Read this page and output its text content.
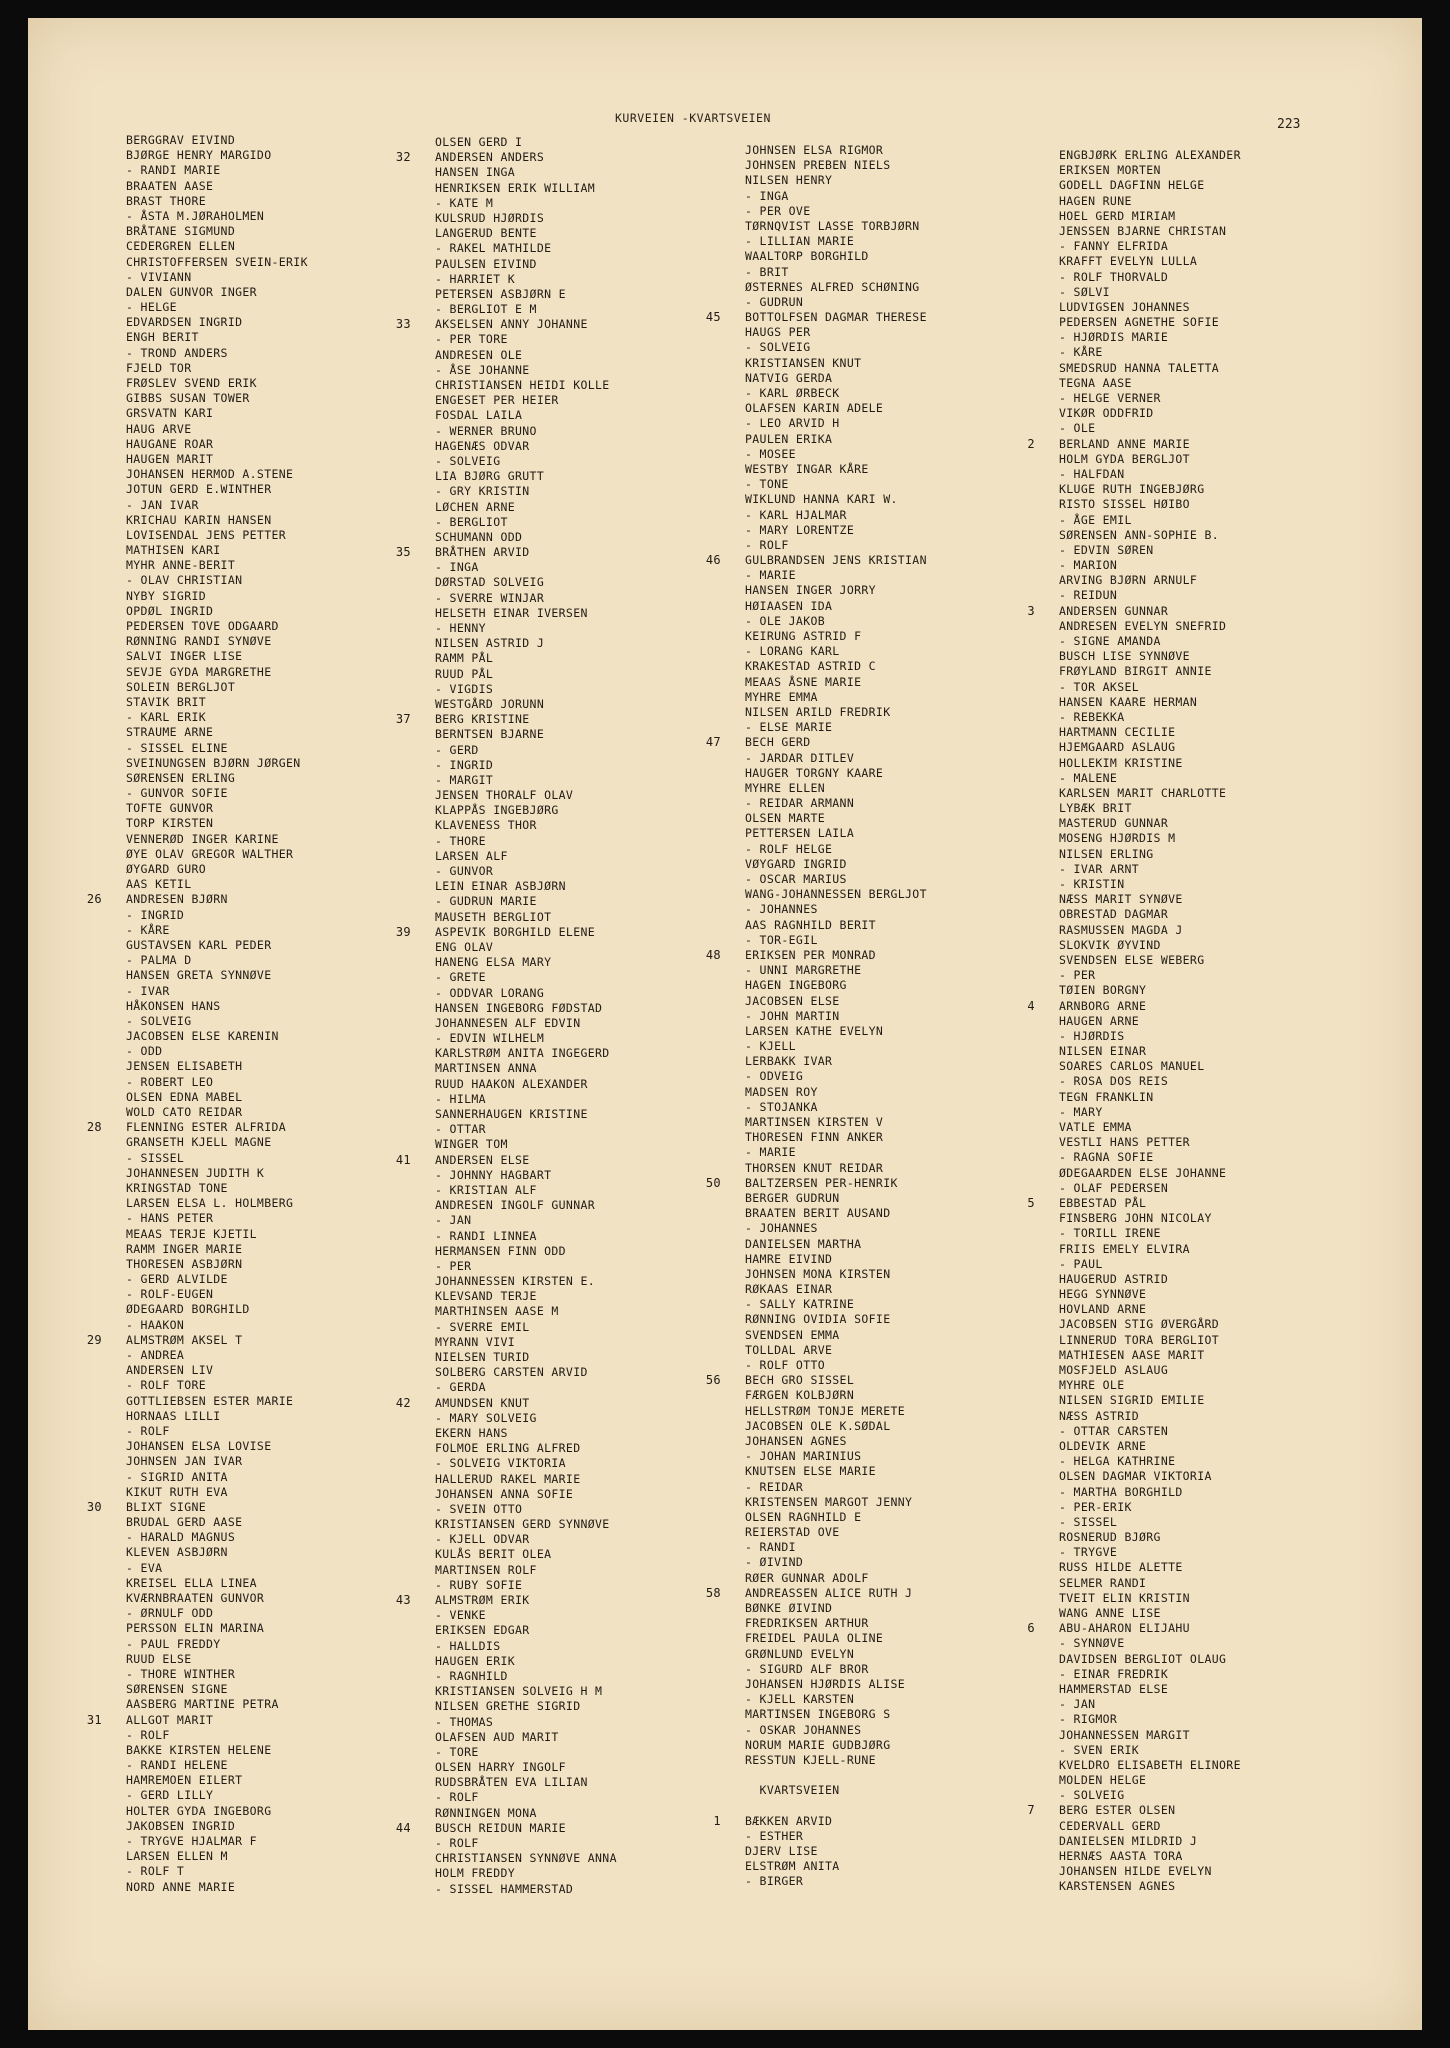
KURVEIEN -KVARTSVEIEN	223
BERGGRAV EIVIND
BJØRGE HENRY MARGIDO
- RANDI MARIE
BRAATEN AASE
BRAST THORE
- ÅSTA M.JØRAHOLMEN
BRÅTANE SIGMUND
CEDERGREN ELLEN
CHRISTOFFERSEN SVEIN-ERIK
- VIVIANN
DALEN GUNVOR INGER
- HELGE
EDVARDSEN INGRID
ENGH BERIT
- TROND ANDERS
FJELD TOR
FRØSLEV SVEND ERIK
GIBBS SUSAN TOWER
GRSVATN KARI
HAUG ARVE
HAUGANE ROAR
HAUGEN MARIT
JOHANSEN HERMOD A.STENE
JOTUN GERD E.WINTHER
- JAN IVAR
KRICHAU KARIN HANSEN
LOVISENDAL JENS PETTER
MATHISEN KARI
MYHR ANNE-BERIT
- OLAV CHRISTIAN
NYBY SIGRID
OPDØL INGRID
PEDERSEN TOVE ODGAARD
RØNNING RANDI SYNØVE
SALVI INGER LISE
SEVJE GYDA MARGRETHE
SOLEIN BERGLJOT
STAVIK BRIT
- KARL ERIK
STRAUME ARNE
- SISSEL ELINE
SVEINUNGSEN BJØRN JØRGEN
SØRENSEN ERLING
- GUNVOR SOFIE
TOFTE GUNVOR
TORP KIRSTEN
VENNERØD INGER KARINE
ØYE OLAV GREGOR WALTHER
ØYGARD GURO
AAS KETIL
26 ANDRESEN BJØRN
- INGRID
- KÅRE
GUSTAVSEN KARL PEDER
- PALMA D
HANSEN GRETA SYNNØVE
- IVAR
HÅKONSEN HANS
- SOLVEIG
JACOBSEN ELSE KARENIN
- ODD
JENSEN ELISABETH
- ROBERT LEO
OLSEN EDNA MABEL
WOLD CATO REIDAR
28 FLENNING ESTER ALFRIDA
GRANSETH KJELL MAGNE
- SISSEL
JOHANNESEN JUDITH K
KRINGSTAD TONE
LARSEN ELSA L. HOLMBERG
- HANS PETER
MEAAS TERJE KJETIL
RAMM INGER MARIE
THORESEN ASBJØRN
- GERD ALVILDE
- ROLF-EUGEN
ØDEGAARD BORGHILD
- HAAKON
29 ALMSTRØM AKSEL T
- ANDREA
ANDERSEN LIV
- ROLF TORE
GOTTLIEBSEN ESTER MARIE
HORNAAS LILLI
- ROLF
JOHANSEN ELSA LOVISE
JOHNSEN JAN IVAR
- SIGRID ANITA
KIKUT RUTH EVA
30 BLIXT SIGNE
BRUDAL GERD AASE
- HARALD MAGNUS
KLEVEN ASBJØRN
- EVA
KREISEL ELLA LINEA
KVÆRNBRAATEN GUNVOR
- ØRNULF ODD
PERSSON ELIN MARINA
- PAUL FREDDY
RUUD ELSE
- THORE WINTHER
SØRENSEN SIGNE
AASBERG MARTINE PETRA
31 ALLGOT MARIT
- ROLF
BAKKE KIRSTEN HELENE
- RANDI HELENE
HAMREMOEN EILERT
- GERD LILLY
HOLTER GYDA INGEBORG
JAKOBSEN INGRID
- TRYGVE HJALMAR F
LARSEN ELLEN M
- ROLF T
NORD ANNE MARIE
OLSEN GERD I
32 ANDERSEN ANDERS
HANSEN INGA
HENRIKSEN ERIK WILLIAM
- KATE M
KULSRUD HJØRDIS
LANGERUD BENTE
- RAKEL MATHILDE
PAULSEN EIVIND
- HARRIET K
PETERSEN ASBJØRN E
- BERGLIOT E M
33 AKSELSEN ANNY JOHANNE
- PER TORE
ANDRESEN OLE
- ÅSE JOHANNE
CHRISTIANSEN HEIDI KOLLE
ENGESET PER HEIER
FOSDAL LAILA
- WERNER BRUNO
HAGENÆS ODVAR
- SOLVEIG
LIA BJØRG GRUTT
- GRY KRISTIN
LØCHEN ARNE
- BERGLIOT
SCHUMANN ODD
35 BRÅTHEN ARVID
- INGA
DØRSTAD SOLVEIG
- SVERRE WINJAR
HELSETH EINAR IVERSEN
- HENNY
NILSEN ASTRID J
RAMM PÅL
RUUD PÅL
- VIGDIS
WESTGÅRD JORUNN
37 BERG KRISTINE
BERNTSEN BJARNE
- GERD
- INGRID
- MARGIT
JENSEN THORALF OLAV
KLAPPÅS INGEBJØRG
KLAVENESS THOR
- THORE
LARSEN ALF
- GUNVOR
LEIN EINAR ASBJØRN
- GUDRUN MARIE
MAUSETH BERGLIOT
39 ASPEVIK BORGHILD ELENE
ENG OLAV
HANENG ELSA MARY
- GRETE
- ODDVAR LORANG
HANSEN INGEBORG FØDSTAD
JOHANNESEN ALF EDVIN
- EDVIN WILHELM
KARLSTRØM ANITA INGEGERD
MARTINSEN ANNA
RUUD HAAKON ALEXANDER
- HILMA
SANNERHAUGEN KRISTINE
- OTTAR
WINGER TOM
41 ANDERSEN ELSE
- JOHNNY HAGBART
- KRISTIAN ALF
ANDRESEN INGOLF GUNNAR
- JAN
- RANDI LINNEA
HERMANSEN FINN ODD
- PER
JOHANNESSEN KIRSTEN E.
KLEVSAND TERJE
MARTHINSEN AASE M
- SVERRE EMIL
MYRANN VIVI
NIELSEN TURID
SOLBERG CARSTEN ARVID
- GERDA
42 AMUNDSEN KNUT
- MARY SOLVEIG
EKERN HANS
FOLMOE ERLING ALFRED
- SOLVEIG VIKTORIA
HALLERUD RAKEL MARIE
JOHANSEN ANNA SOFIE
- SVEIN OTTO
KRISTIANSEN GERD SYNNØVE
- KJELL ODVAR
KULÅS BERIT OLEA
MARTINSEN ROLF
- RUBY SOFIE
43 ALMSTRØM ERIK
- VENKE
ERIKSEN EDGAR
- HALLDIS
HAUGEN ERIK
- RAGNHILD
KRISTIANSEN SOLVEIG H M
NILSEN GRETHE SIGRID
- THOMAS
OLAFSEN AUD MARIT
- TORE
OLSEN HARRY INGOLF
RUDSBRÅTEN EVA LILIAN
- ROLF
RØNNINGEN MONA
44 BUSCH REIDUN MARIE
- ROLF
CHRISTIANSEN SYNNØVE ANNA
HOLM FREDDY
- SISSEL HAMMERSTAD
JOHNSEN ELSA RIGMOR
JOHNSEN PREBEN NIELS
NILSEN HENRY
- INGA
- PER OVE
TØRNQVIST LASSE TORBJØRN
- LILLIAN MARIE
WAALTORP BORGHILD
- BRIT
ØSTERNES ALFRED SCHØNING
- GUDRUN
45 BOTTOLFSEN DAGMAR THERESE
HAUGS PER
- SOLVEIG
KRISTIANSEN KNUT
NATVIG GERDA
- KARL ØRBECK
OLAFSEN KARIN ADELE
- LEO ARVID H
PAULEN ERIKA
- MOSEE
WESTBY INGAR KÅRE
- TONE
WIKLUND HANNA KARI W.
- KARL HJALMAR
- MARY LORENTZE
- ROLF
46 GULBRANDSEN JENS KRISTIAN
- MARIE
HANSEN INGER JORRY
HØIAASEN IDA
- OLE JAKOB
KEIRUNG ASTRID F
- LORANG KARL
KRAKESTAD ASTRID C
MEAAS ÅSNE MARIE
MYHRE EMMA
NILSEN ARILD FREDRIK
- ELSE MARIE
47 BECH GERD
- JARDAR DITLEV
HAUGER TORGNY KAARE
MYHRE ELLEN
- REIDAR ARMANN
OLSEN MARTE
PETTERSEN LAILA
- ROLF HELGE
VØYGARD INGRID
- OSCAR MARIUS
WANG-JOHANNESSEN BERGLJOT
- JOHANNES
AAS RAGNHILD BERIT
- TOR-EGIL
48 ERIKSEN PER MONRAD
- UNNI MARGRETHE
HAGEN INGEBORG
JACOBSEN ELSE
- JOHN MARTIN
LARSEN KATHE EVELYN
- KJELL
LERBAKK IVAR
- ODVEIG
MADSEN ROY
- STOJANKA
MARTINSEN KIRSTEN V
THORESEN FINN ANKER
- MARIE
THORSEN KNUT REIDAR
50 BALTZERSEN PER-HENRIK
BERGER GUDRUN
BRAATEN BERIT AUSAND
- JOHANNES
DANIELSEN MARTHA
HAMRE EIVIND
JOHNSEN MONA KIRSTEN
RØKAAS EINAR
- SALLY KATRINE
RØNNING OVIDIA SOFIE
SVENDSEN EMMA
TOLLDAL ARVE
- ROLF OTTO
56 BECH GRO SISSEL
FÆRGEN KOLBJØRN
HELLSTRØM TONJE MERETE
JACOBSEN OLE K.SØDAL
JOHANSEN AGNES
- JOHAN MARINIUS
KNUTSEN ELSE MARIE
- REIDAR
KRISTENSEN MARGOT JENNY
OLSEN RAGNHILD E
REIERSTAD OVE
- RANDI
- ØIVIND
RØER GUNNAR ADOLF
58 ANDREASSEN ALICE RUTH J
BØNKE ØIVIND
FREDRIKSEN ARTHUR
FREIDEL PAULA OLINE
GRØNLUND EVELYN
- SIGURD ALF BROR
JOHANSEN HJØRDIS ALISE
- KJELL KARSTEN
MARTINSEN INGEBORG S
- OSKAR JOHANNES
NORUM MARIE GUDBJØRG
RESSTUN KJELL-RUNE
KVARTSVEIEN
1 BÆKKEN ARVID
- ESTHER
DJERV LISE
ELSTRØM ANITA
- BIRGER
ENGBJØRK ERLING ALEXANDER
ERIKSEN MORTEN
GODELL DAGFINN HELGE
HAGEN RUNE
HOEL GERD MIRIAM
JENSSEN BJARNE CHRISTAN
- FANNY ELFRIDA
KRAFFT EVELYN LULLA
- ROLF THORVALD
- SØLVI
LUDVIGSEN JOHANNES
PEDERSEN AGNETHE SOFIE
- HJØRDIS MARIE
- KÅRE
SMEDSRUD HANNA TALETTA
TEGNA AASE
- HELGE VERNER
VIKØR ODDFRID
- OLE
2 BERLAND ANNE MARIE
HOLM GYDA BERGLJOT
- HALFDAN
KLUGE RUTH INGEBJØRG
RISTO SISSEL HØIBO
- ÅGE EMIL
SØRENSEN ANN-SOPHIE B.
- EDVIN SØREN
- MARION
ARVING BJØRN ARNULF
- REIDUN
3 ANDERSEN GUNNAR
ANDRESEN EVELYN SNEFRID
- SIGNE AMANDA
BUSCH LISE SYNNØVE
FRØYLAND BIRGIT ANNIE
- TOR AKSEL
HANSEN KAARE HERMAN
- REBEKKA
HARTMANN CECILIE
HJEMGAARD ASLAUG
HOLLEKIM KRISTINE
- MALENE
KARLSEN MARIT CHARLOTTE
LYBÆK BRIT
MASTERUD GUNNAR
MOSENG HJØRDIS M
NILSEN ERLING
- IVAR ARNT
- KRISTIN
NÆSS MARIT SYNØVE
OBRESTAD DAGMAR
RASMUSSEN MAGDA J
SLOKVIK ØYVIND
SVENDSEN ELSE WEBERG
- PER
TØIEN BORGNY
4 ARNBORG ARNE
HAUGEN ARNE
- HJØRDIS
NILSEN EINAR
SOARES CARLOS MANUEL
- ROSA DOS REIS
TEGN FRANKLIN
- MARY
VATLE EMMA
VESTLI HANS PETTER
- RAGNA SOFIE
ØDEGAARDEN ELSE JOHANNE
- OLAF PEDERSEN
5 EBBESTAD PÅL
FINSBERG JOHN NICOLAY
- TORILL IRENE
FRIIS EMELY ELVIRA
- PAUL
HAUGERUD ASTRID
HEGG SYNNØVE
HOVLAND ARNE
JACOBSEN STIG ØVERGÅRD
LINNERUD TORA BERGLIOT
MATHIESEN AASE MARIT
MOSFJELD ASLAUG
MYHRE OLE
NILSEN SIGRID EMILIE
NÆSS ASTRID
- OTTAR CARSTEN
OLDEVIK ARNE
- HELGA KATHRINE
OLSEN DAGMAR VIKTORIA
- MARTHA BORGHILD
- PER-ERIK
- SISSEL
ROSNERUD BJØRG
- TRYGVE
RUSS HILDE ALETTE
SELMER RANDI
TVEIT ELIN KRISTIN
WANG ANNE LISE
6 ABU-AHARON ELIJAHU
- SYNNØVE
DAVIDSEN BERGLIOT OLAUG
- EINAR FREDRIK
HAMMERSTAD ELSE
- JAN
- RIGMOR
JOHANNESSEN MARGIT
- SVEN ERIK
KVELDRO ELISABETH ELINORE
MOLDEN HELGE
- SOLVEIG
7 BERG ESTER OLSEN
CEDERVALL GERD
DANIELSEN MILDRID J
HERNÆS AASTA TORA
JOHANSEN HILDE EVELYN
KARSTENSEN AGNES
